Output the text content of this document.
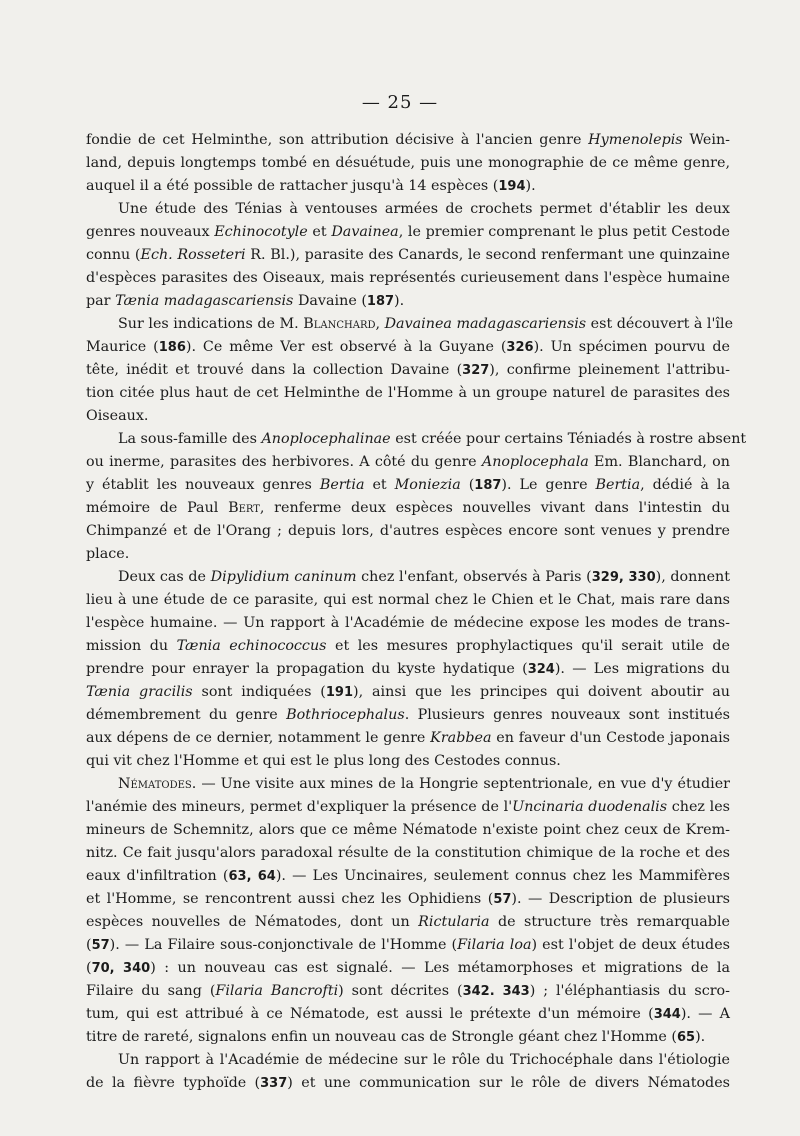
— 25 —
fondie de cet Helminthe, son attribution décisive à l'ancien genre Hymenolepis Wein-
land, depuis longtemps tombé en désuétude, puis une monographie de ce même genre,
auquel il a été possible de rattacher jusqu'à 14 espèces (194).
Une étude des Ténias à ventouses armées de crochets permet d'établir les deux
genres nouveaux Echinocotyle et Davainea, le premier comprenant le plus petit Cestode
connu (Ech. Rosseteri R. Bl.), parasite des Canards, le second renfermant une quinzaine
d'espèces parasites des Oiseaux, mais représentés curieusement dans l'espèce humaine
par Tænia madagascariensis Davaine (187).
Sur les indications de M. Blanchard, Davainea madagascariensis est découvert à l'île
Maurice (186). Ce même Ver est observé à la Guyane (326). Un spécimen pourvu de
tête, inédit et trouvé dans la collection Davaine (327), confirme pleinement l'attribu-
tion citée plus haut de cet Helminthe de l'Homme à un groupe naturel de parasites des
Oiseaux.
La sous-famille des Anoplocephalinae est créée pour certains Téniadés à rostre absent
ou inerme, parasites des herbivores. A côté du genre Anoplocephala Em. Blanchard, on
y établit les nouveaux genres Bertia et Moniezia (187). Le genre Bertia, dédié à la
mémoire de Paul Bert, renferme deux espèces nouvelles vivant dans l'intestin du
Chimpanzé et de l'Orang ; depuis lors, d'autres espèces encore sont venues y prendre
place.
Deux cas de Dipylidium caninum chez l'enfant, observés à Paris (329, 330), donnent
lieu à une étude de ce parasite, qui est normal chez le Chien et le Chat, mais rare dans
l'espèce humaine. — Un rapport à l'Académie de médecine expose les modes de trans-
mission du Tænia echinococcus et les mesures prophylactiques qu'il serait utile de
prendre pour enrayer la propagation du kyste hydatique (324). — Les migrations du
Tænia gracilis sont indiquées (191), ainsi que les principes qui doivent aboutir au
démembrement du genre Bothriocephalus. Plusieurs genres nouveaux sont institués
aux dépens de ce dernier, notamment le genre Krabbea en faveur d'un Cestode japonais
qui vit chez l'Homme et qui est le plus long des Cestodes connus.
Nématodes. — Une visite aux mines de la Hongrie septentrionale, en vue d'y étudier
l'anémie des mineurs, permet d'expliquer la présence de l'Uncinaria duodenalis chez les
mineurs de Schemnitz, alors que ce même Nématode n'existe point chez ceux de Krem-
nitz. Ce fait jusqu'alors paradoxal résulte de la constitution chimique de la roche et des
eaux d'infiltration (63, 64). — Les Uncinaires, seulement connus chez les Mammifères
et l'Homme, se rencontrent aussi chez les Ophidiens (57). — Description de plusieurs
espèces nouvelles de Nématodes, dont un Rictularia de structure très remarquable
(57). — La Filaire sous-conjonctivale de l'Homme (Filaria loa) est l'objet de deux études
(70, 340) : un nouveau cas est signalé. — Les métamorphoses et migrations de la
Filaire du sang (Filaria Bancrofti) sont décrites (342. 343) ; l'éléphantiasis du scro-
tum, qui est attribué à ce Nématode, est aussi le prétexte d'un mémoire (344). — A
titre de rareté, signalons enfin un nouveau cas de Strongle géant chez l'Homme (65).
Un rapport à l'Académie de médecine sur le rôle du Trichocéphale dans l'étiologie
de la fièvre typhoïde (337) et une communication sur le rôle de divers Nématodes
